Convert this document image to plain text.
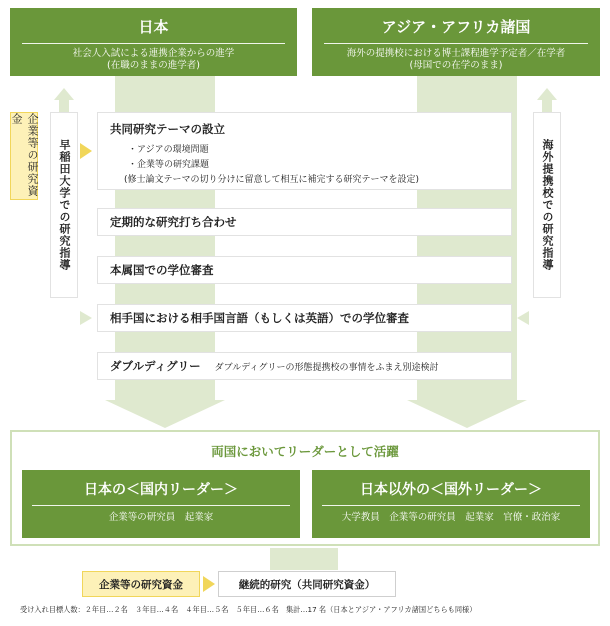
日本
社会人入試による連携企業からの進学
(在職のままの進学者)
アジア・アフリカ諸国
海外の提携校における博士課程進学予定者／在学者
(母国での在学のまま)
企業等の研究資金
早稲田大学での研究指導	海外提携校での研究指導
共同研究テーマの設立
・アジアの環境問題
・企業等の研究課題
(修士論文テーマの切り分けに留意して相互に補完する研究テーマを設定)
定期的な研究打ち合わせ
本属国での学位審査
相手国における相手国言語（もしくは英語）での学位審査
ダブルディグリー ダブルディグリーの形態提携校の事情をふまえ別途検討
両国においてリーダーとして活躍
日本の＜国内リーダー＞
企業等の研究員　起業家
日本以外の＜国外リーダー＞
大学教員　企業等の研究員　起業家　官僚・政治家
企業等の研究資金	継続的研究（共同研究資金）
受け入れ目標人数：２年目…２名　３年目…４名　４年目…５名　５年目…６名　集計…17 名（日本とアジア・アフリカ諸国どちらも同様）
